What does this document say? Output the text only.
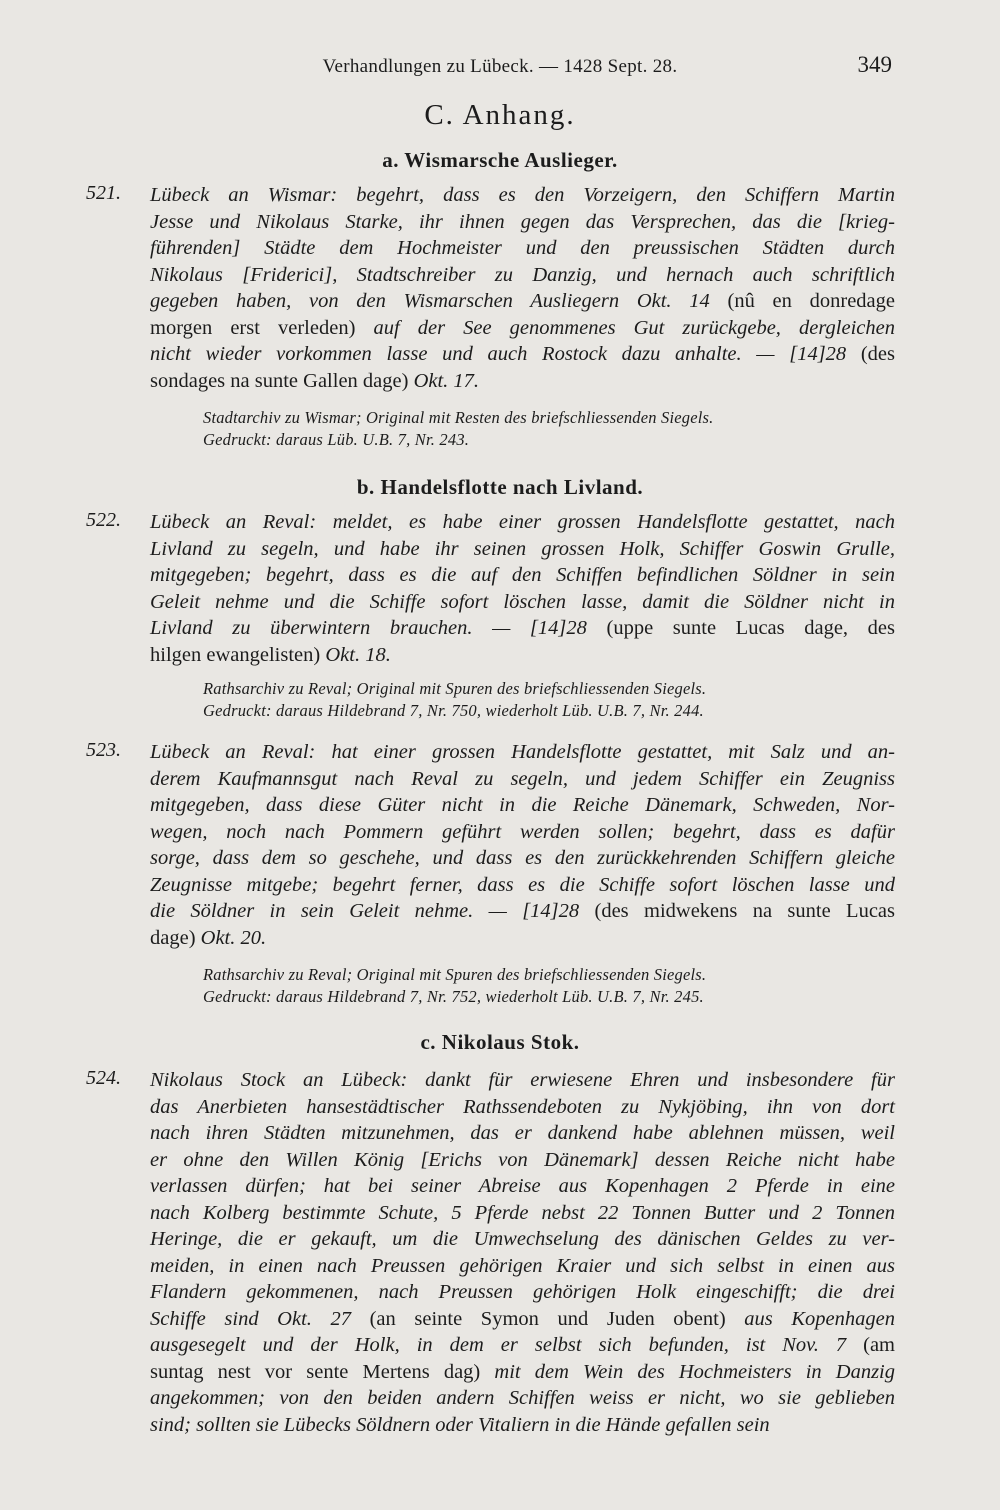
Verhandlungen zu Lübeck. — 1428 Sept. 28.	349
C. Anhang.
a. Wismarsche Auslieger.
521. Lübeck an Wismar: begehrt, dass es den Vorzeigern, den Schiffern Martin
Jesse und Nikolaus Starke, ihr ihnen gegen das Versprechen, das die [krieg-
führenden] Städte dem Hochmeister und den preussischen Städten durch
Nikolaus [Friderici], Stadtschreiber zu Danzig, und hernach auch schriftlich
gegeben haben, von den Wismarschen Ausliegern Okt. 14 (nû en donredage
morgen erst verleden) auf der See genommenes Gut zurückgebe, dergleichen
nicht wieder vorkommen lasse und auch Rostock dazu anhalte. — [14]28 (des
sondages na sunte Gallen dage) Okt. 17.
Stadtarchiv zu Wismar; Original mit Resten des briefschliessenden Siegels.
Gedruckt: daraus Lüb. U.B. 7, Nr. 243.
b. Handelsflotte nach Livland.
522. Lübeck an Reval: meldet, es habe einer grossen Handelsflotte gestattet, nach
Livland zu segeln, und habe ihr seinen grossen Holk, Schiffer Goswin Grulle,
mitgegeben; begehrt, dass es die auf den Schiffen befindlichen Söldner in sein
Geleit nehme und die Schiffe sofort löschen lasse, damit die Söldner nicht in
Livland zu überwintern brauchen. — [14]28 (uppe sunte Lucas dage, des
hilgen ewangelisten) Okt. 18.
Rathsarchiv zu Reval; Original mit Spuren des briefschliessenden Siegels.
Gedruckt: daraus Hildebrand 7, Nr. 750, wiederholt Lüb. U.B. 7, Nr. 244.
523. Lübeck an Reval: hat einer grossen Handelsflotte gestattet, mit Salz und an-
derem Kaufmannsgut nach Reval zu segeln, und jedem Schiffer ein Zeugniss
mitgegeben, dass diese Güter nicht in die Reiche Dänemark, Schweden, Nor-
wegen, noch nach Pommern geführt werden sollen; begehrt, dass es dafür
sorge, dass dem so geschehe, und dass es den zurückkehrenden Schiffern gleiche
Zeugnisse mitgebe; begehrt ferner, dass es die Schiffe sofort löschen lasse und
die Söldner in sein Geleit nehme. — [14]28 (des midwekens na sunte Lucas
dage) Okt. 20.
Rathsarchiv zu Reval; Original mit Spuren des briefschliessenden Siegels.
Gedruckt: daraus Hildebrand 7, Nr. 752, wiederholt Lüb. U.B. 7, Nr. 245.
c. Nikolaus Stok.
524. Nikolaus Stock an Lübeck: dankt für erwiesene Ehren und insbesondere für
das Anerbieten hansestädtischer Rathssendeboten zu Nykjöbing, ihn von dort
nach ihren Städten mitzunehmen, das er dankend habe ablehnen müssen, weil
er ohne den Willen König [Erichs von Dänemark] dessen Reiche nicht habe
verlassen dürfen; hat bei seiner Abreise aus Kopenhagen 2 Pferde in eine
nach Kolberg bestimmte Schute, 5 Pferde nebst 22 Tonnen Butter und 2 Tonnen
Heringe, die er gekauft, um die Umwechselung des dänischen Geldes zu ver-
meiden, in einen nach Preussen gehörigen Kraier und sich selbst in einen aus
Flandern gekommenen, nach Preussen gehörigen Holk eingeschifft; die drei
Schiffe sind Okt. 27 (an seinte Symon und Juden obent) aus Kopenhagen
ausgesegelt und der Holk, in dem er selbst sich befunden, ist Nov. 7 (am
suntag nest vor sente Mertens dag) mit dem Wein des Hochmeisters in Danzig
angekommen; von den beiden andern Schiffen weiss er nicht, wo sie geblieben
sind; sollten sie Lübecks Söldnern oder Vitaliern in die Hände gefallen sein
